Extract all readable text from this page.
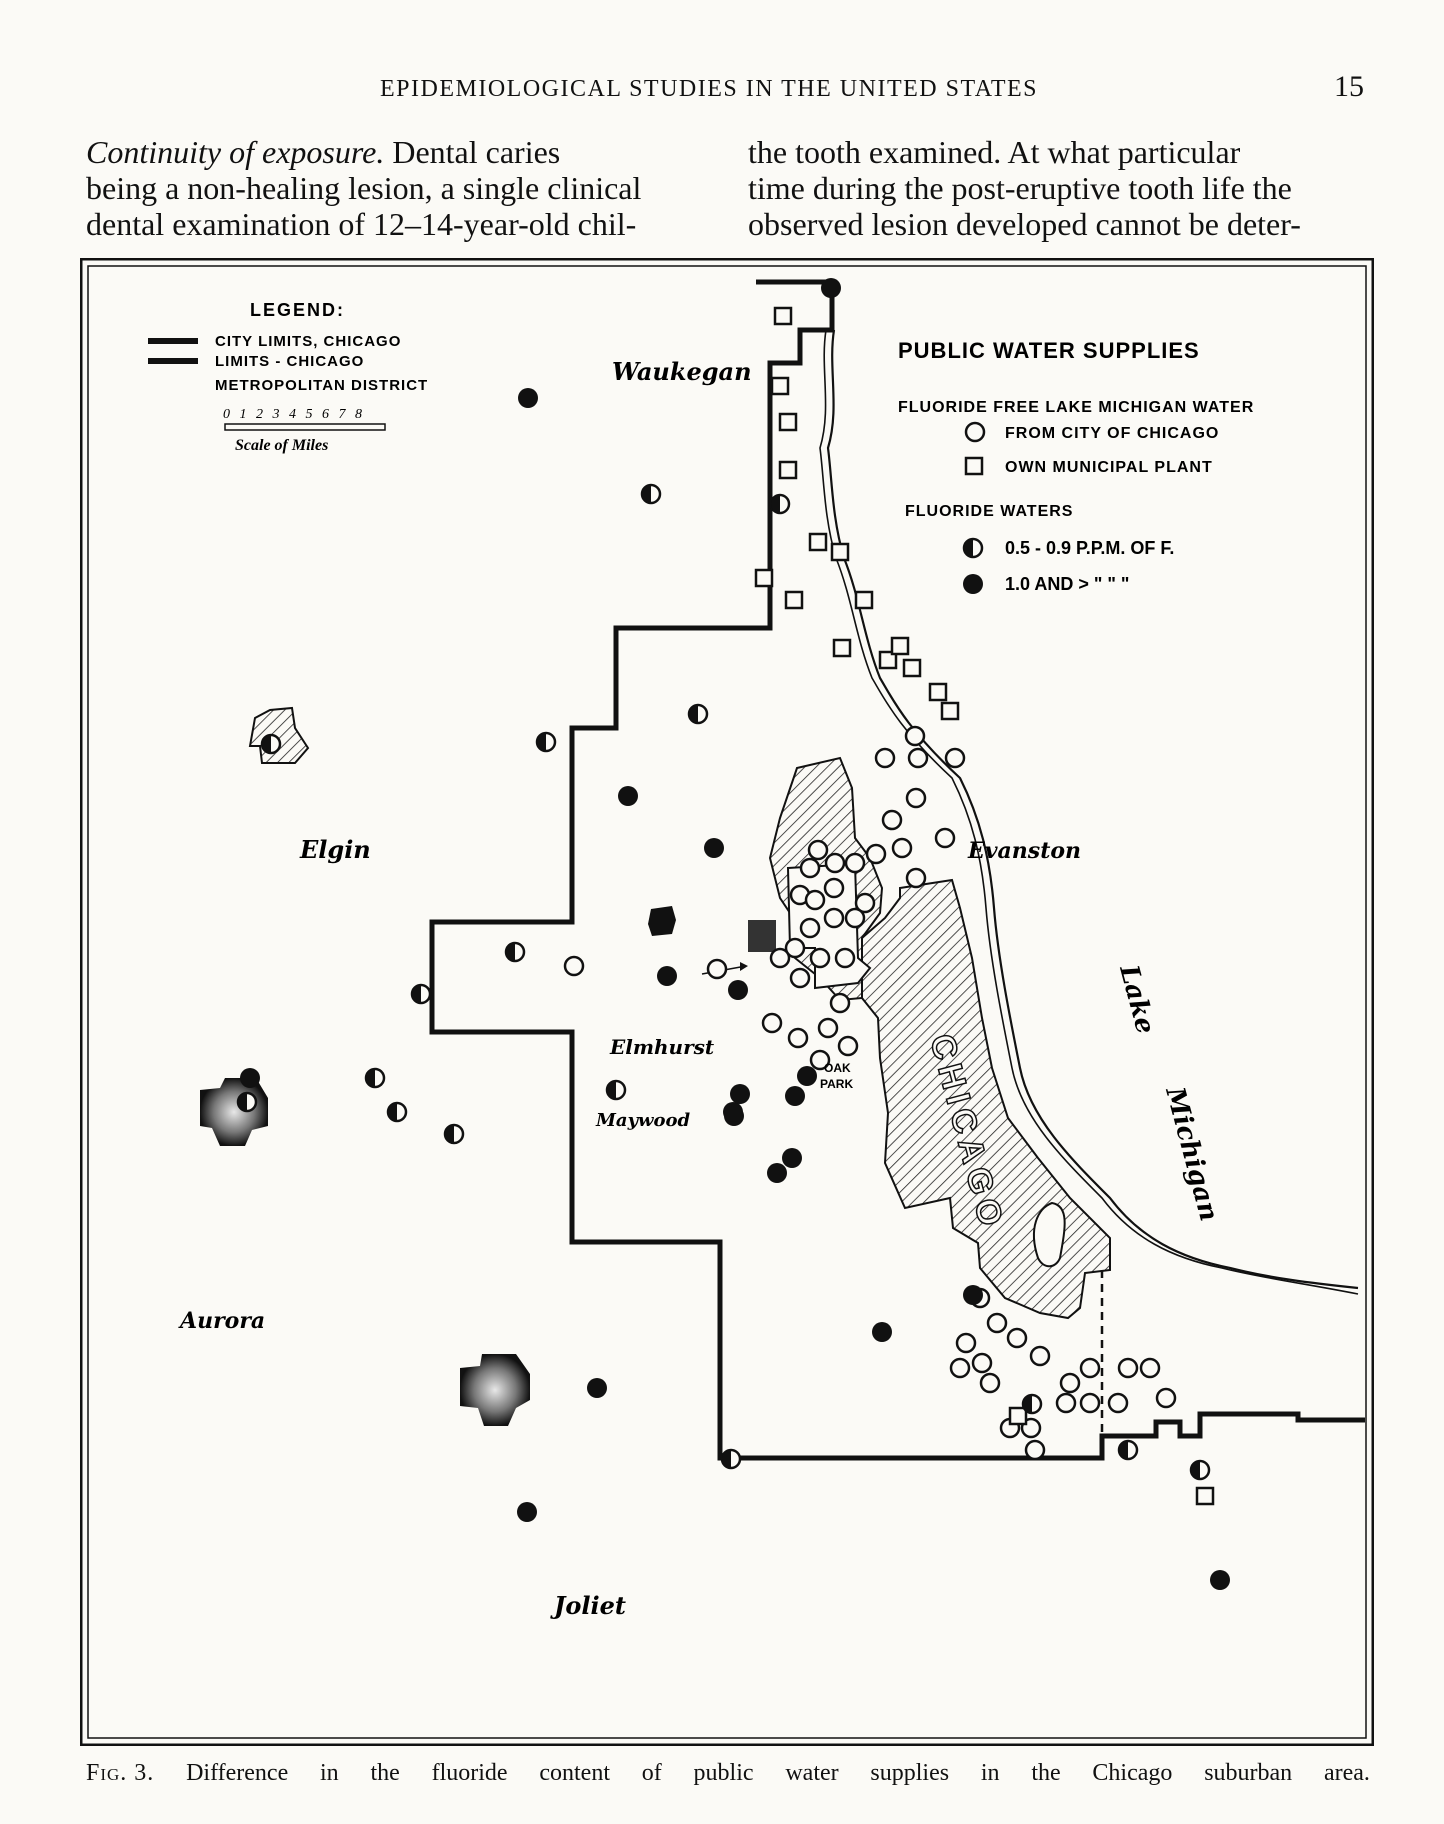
EPIDEMIOLOGICAL STUDIES IN THE UNITED STATES	15
Continuity of exposure. Dental caries
being a non-healing lesion, a single clinical
dental examination of 12–14-year-old chil-
the tooth examined. At what particular
time during the post-eruptive tooth life the
observed lesion developed cannot be deter-
LEGEND:
CITY LIMITS, CHICAGO
LIMITS - CHICAGO
METROPOLITAN DISTRICT
0 1 2 3 4 5 6 7 8
Scale of Miles
PUBLIC WATER SUPPLIES
FLUORIDE FREE LAKE MICHIGAN WATER
FROM CITY OF CHICAGO
OWN MUNICIPAL PLANT
FLUORIDE WATERS
0.5 - 0.9 P.P.M. OF F.
1.0 AND > " " "
Waukegan
Elgin	Evanston
Elmhurst
Maywood
Aurora
Joliet
Lake
Michigan
OAK
PARK CHICAGO
Fig. 3. Difference in the fluoride content of public water supplies in the Chicago suburban area.
